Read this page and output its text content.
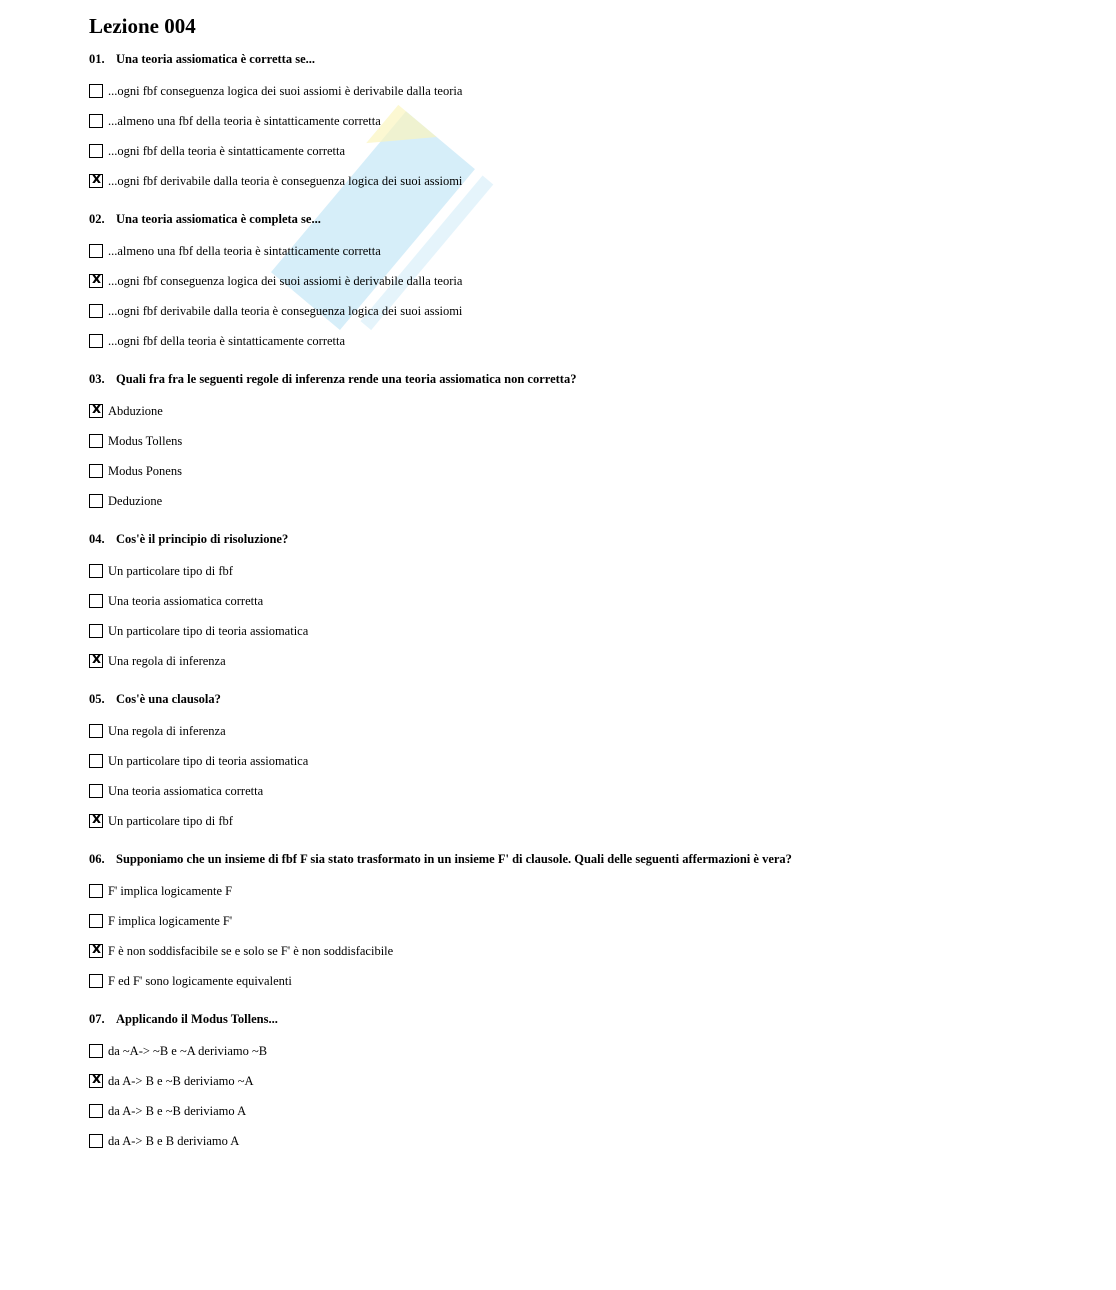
Lezione 004
01. Una teoria assiomatica è corretta se...
...ogni fbf conseguenza logica dei suoi assiomi è derivabile dalla teoria
...almeno una fbf della teoria è sintatticamente corretta
...ogni fbf della teoria è sintatticamente corretta
x
...ogni fbf derivabile dalla teoria è conseguenza logica dei suoi assiomi
02. Una teoria assiomatica è completa se...
...almeno una fbf della teoria è sintatticamente corretta
x
...ogni fbf conseguenza logica dei suoi assiomi è derivabile dalla teoria
...ogni fbf derivabile dalla teoria è conseguenza logica dei suoi assiomi
...ogni fbf della teoria è sintatticamente corretta
03. Quali fra fra le seguenti regole di inferenza rende una teoria assiomatica non corretta?
x
Abduzione
Modus Tollens
Modus Ponens
Deduzione
04. Cos'è il principio di risoluzione?
Un particolare tipo di fbf
Una teoria assiomatica corretta
Un particolare tipo di teoria assiomatica
x
Una regola di inferenza
05. Cos'è una clausola?
Una regola di inferenza
Un particolare tipo di teoria assiomatica
Una teoria assiomatica corretta
x
Un particolare tipo di fbf
06. Supponiamo che un insieme di fbf F sia stato trasformato in un insieme F' di clausole. Quali delle seguenti affermazioni è vera?
F' implica logicamente F
F implica logicamente F'
x
F è non soddisfacibile se e solo se F' è non soddisfacibile
F ed F' sono logicamente equivalenti
07. Applicando il Modus Tollens...
da ~A-> ~B e ~A deriviamo ~B
x
da A-> B e ~B deriviamo ~A
da A-> B e ~B deriviamo A
da A-> B e B deriviamo A
